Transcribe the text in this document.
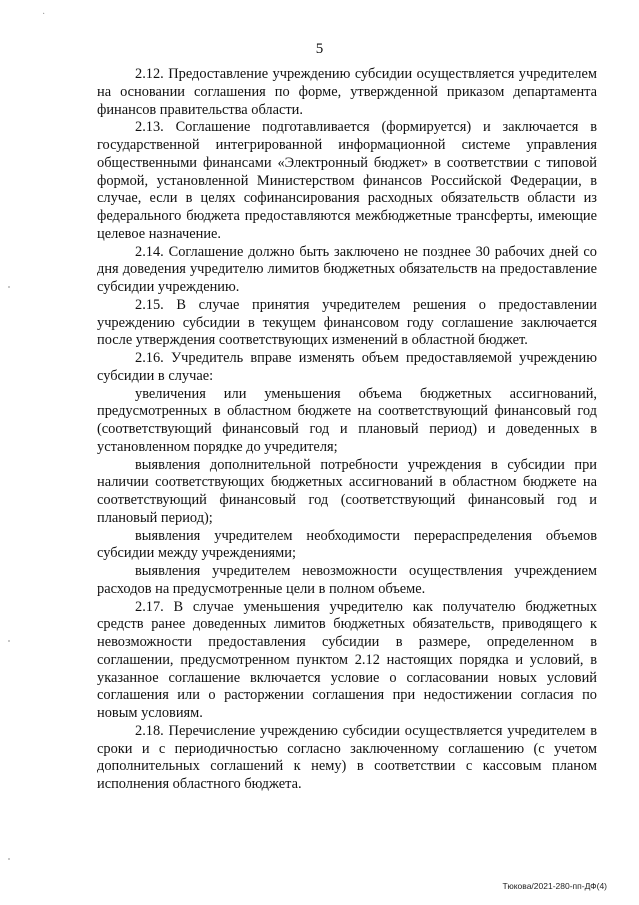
·
5

2.12. Предоставление учреждению субсидии осуществляется учредителем на основании соглашения по форме, утвержденной приказом департамента финансов правительства области.

2.13. Соглашение подготавливается (формируется) и заключается в государственной интегрированной информационной системе управления общественными финансами «Электронный бюджет» в соответствии с типовой формой, установленной Министерством финансов Российской Федерации, в случае, если в целях софинансирования расходных обязательств области из федерального бюджета предоставляются межбюджетные трансферты, имеющие целевое назначение.

2.14. Соглашение должно быть заключено не позднее 30 рабочих дней со дня доведения учредителю лимитов бюджетных обязательств на предоставление субсидии учреждению.

2.15. В случае принятия учредителем решения о предоставлении учреждению субсидии в текущем финансовом году соглашение заключается после утверждения соответствующих изменений в областной бюджет.

2.16. Учредитель вправе изменять объем предоставляемой учреждению субсидии в случае:

увеличения или уменьшения объема бюджетных ассигнований, предусмотренных в областном бюджете на соответствующий финансовый год (соответствующий финансовый год и плановый период) и доведенных в установленном порядке до учредителя;

выявления дополнительной потребности учреждения в субсидии при наличии соответствующих бюджетных ассигнований в областном бюджете на соответствующий финансовый год (соответствующий финансовый год и плановый период);

выявления учредителем необходимости перераспределения объемов субсидии между учреждениями;

выявления учредителем невозможности осуществления учреждением расходов на предусмотренные цели в полном объеме.

2.17. В случае уменьшения учредителю как получателю бюджетных средств ранее доведенных лимитов бюджетных обязательств, приводящего к невозможности предоставления субсидии в размере, определенном в соглашении, предусмотренном пунктом 2.12 настоящих порядка и условий, в указанное соглашение включается условие о согласовании новых условий соглашения или о расторжении соглашения при недостижении согласия по новым условиям.

2.18. Перечисление учреждению субсидии осуществляется учредителем в сроки и с периодичностью согласно заключенному соглашению (с учетом дополнительных соглашений к нему) в соответствии с кассовым планом исполнения областного бюджета.

Тюкова/2021-280-пп-ДФ(4)
